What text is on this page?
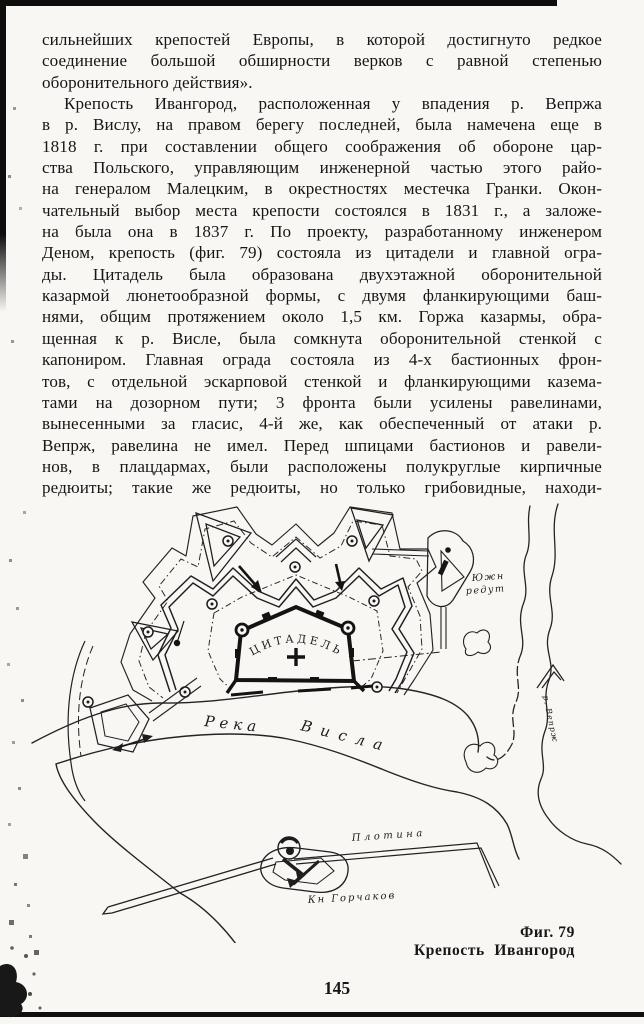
сильнейших крепостей Европы, в которой достигнуто редкое
соединение большой обширности верков с равной степенью
оборонительного действия».
Крепость Ивангород, расположенная у впадения р. Вепржа
в р. Вислу, на правом берегу последней, была намечена еще в
1818 г. при составлении общего соображения об обороне цар-
ства Польского, управляющим инженерной частью этого райо-
на генералом Малецким, в окрестностях местечка Гранки. Окон-
чательный выбор места крепости состоялся в 1831 г., а заложе-
на была она в 1837 г. По проекту, разработанному инженером
Деном, крепость (фиг. 79) состояла из цитадели и главной огра-
ды. Цитадель была образована двухэтажной оборонительной
казармой люнетообразной формы, с двумя фланкирующими баш-
нями, общим протяжением около 1,5 км. Горжа казармы, обра-
щенная к р. Висле, была сомкнута оборонительной стенкой с
капониром. Главная ограда состояла из 4-х бастионных фрон-
тов, с отдельной эскарповой стенкой и фланкирующими казема-
тами на дозорном пути; 3 фронта были усилены равелинами,
вынесенными за гласис, 4-й же, как обеспеченный от атаки р.
Вепрж, равелина не имел. Перед шпицами бастионов и равели-
нов, в плацдармах, были расположены полукруглые кирпичные
редюиты; такие же редюиты, но только грибовидные, находи-
ЦИТАДЕЛЬ
Река Висла
Южн
редут
р. Вепрж
Плотина
Кн Горчаков
Фиг. 79
Крепость Ивангород
145
